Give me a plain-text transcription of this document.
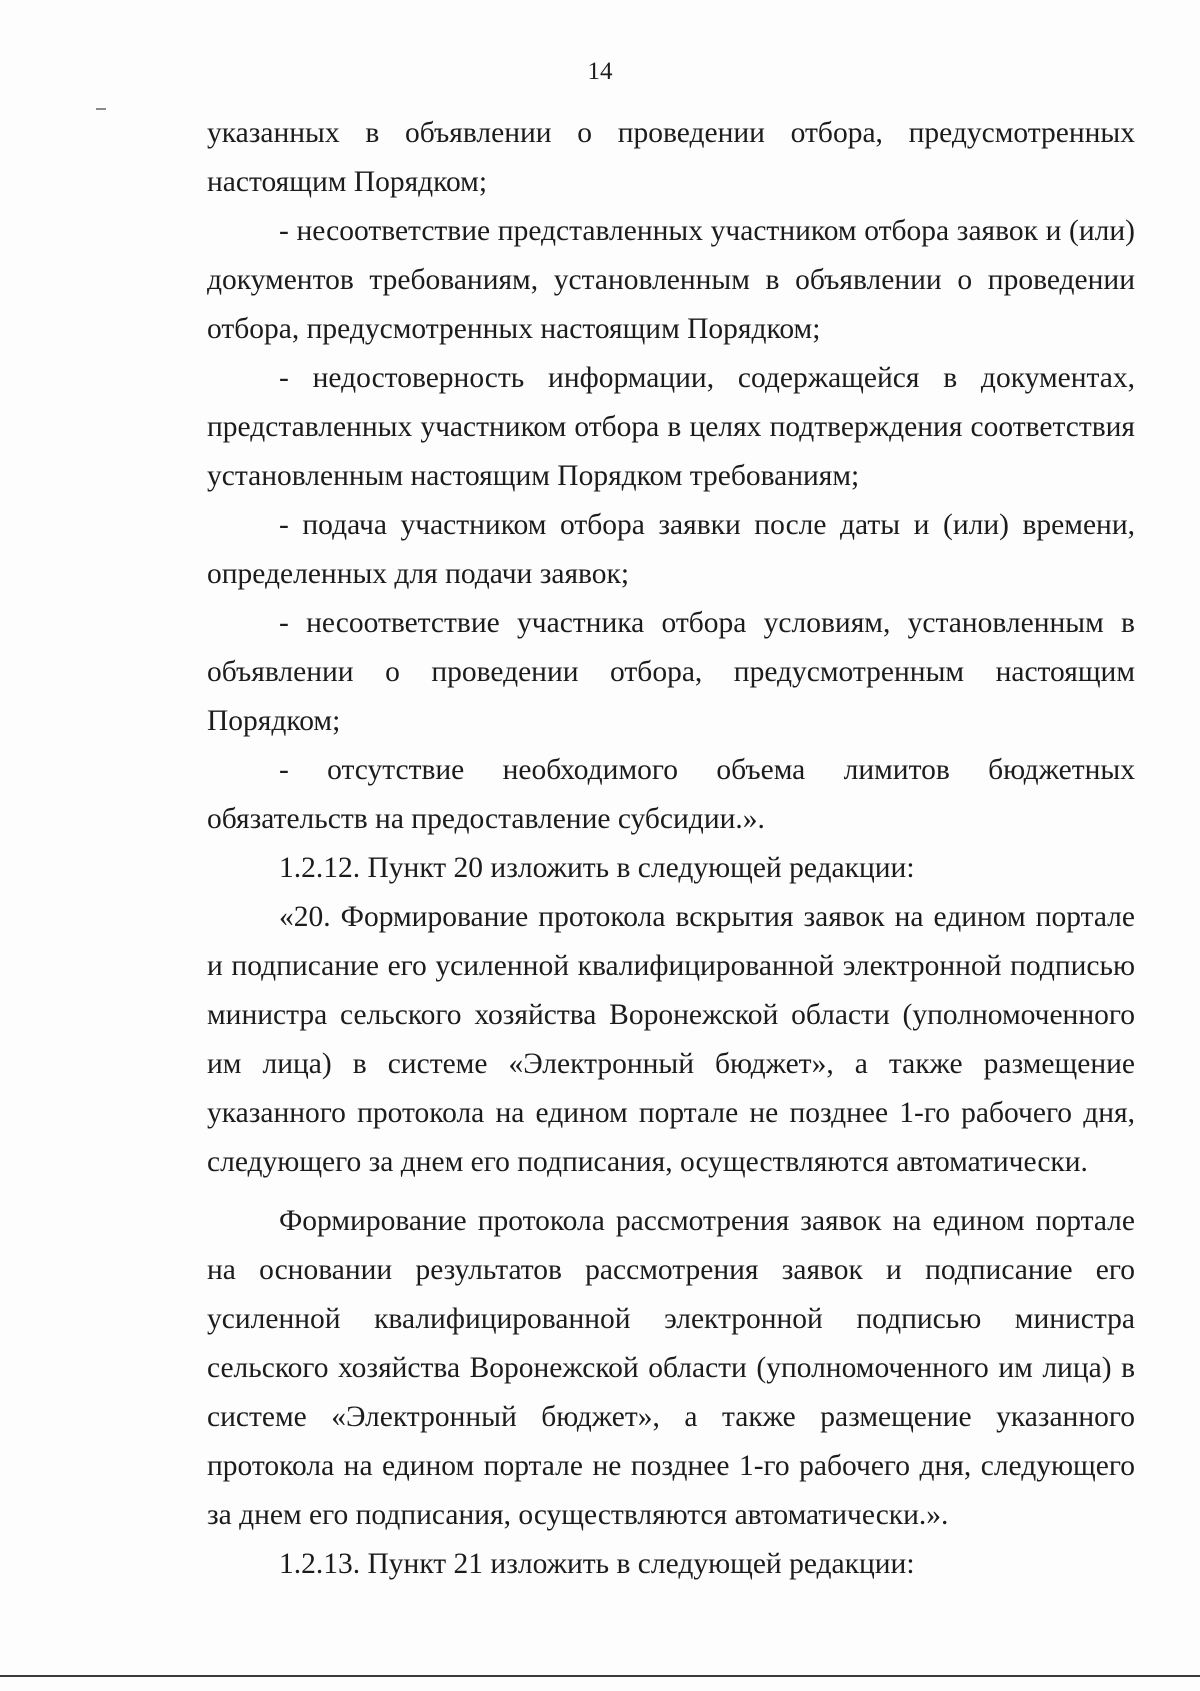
14

указанных в объявлении о проведении отбора, предусмотренных настоящим Порядком;

- несоответствие представленных участником отбора заявок и (или) документов требованиям, установленным в объявлении о проведении отбора, предусмотренных настоящим Порядком;

- недостоверность информации, содержащейся в документах, представленных участником отбора в целях подтверждения соответствия установленным настоящим Порядком требованиям;

- подача участником отбора заявки после даты и (или) времени, определенных для подачи заявок;

- несоответствие участника отбора условиям, установленным в объявлении о проведении отбора, предусмотренным настоящим Порядком;

- отсутствие необходимого объема лимитов бюджетных обязательств на предоставление субсидии.».

1.2.12. Пункт 20 изложить в следующей редакции:

«20. Формирование протокола вскрытия заявок на едином портале и подписание его усиленной квалифицированной электронной подписью министра сельского хозяйства Воронежской области (уполномоченного им лица) в системе «Электронный бюджет», а также размещение указанного протокола на едином портале не позднее 1-го рабочего дня, следующего за днем его подписания, осуществляются автоматически.

Формирование протокола рассмотрения заявок на едином портале на основании результатов рассмотрения заявок и подписание его усиленной квалифицированной электронной подписью министра сельского хозяйства Воронежской области (уполномоченного им лица) в системе «Электронный бюджет», а также размещение указанного протокола на едином портале не позднее 1-го рабочего дня, следующего за днем его подписания, осуществляются автоматически.».

1.2.13. Пункт 21 изложить в следующей редакции:
